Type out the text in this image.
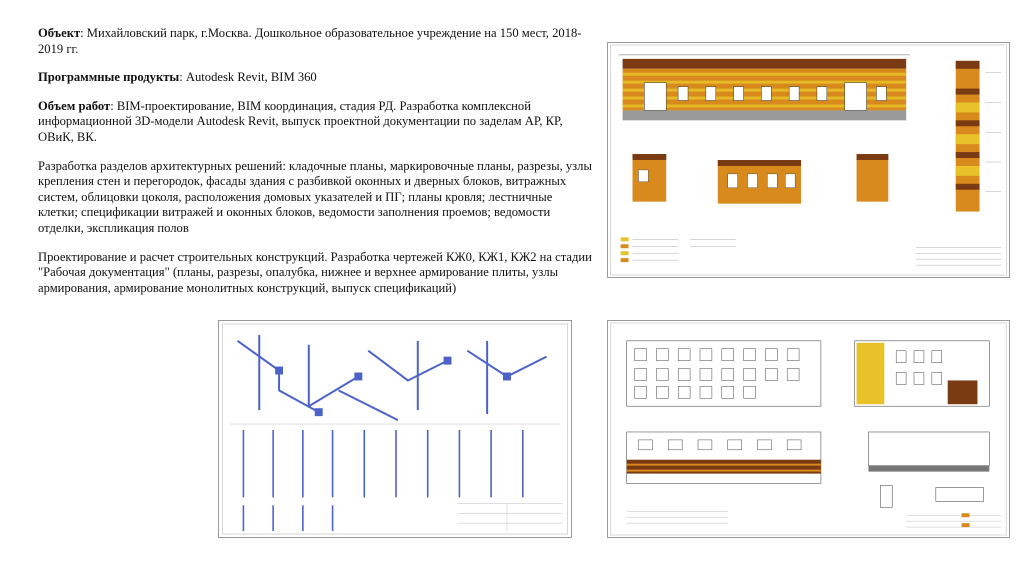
Объект: Михайловский парк, г.Москва. Дошкольное образовательное учреждение на 150 мест, 2018-2019 гг.

Программные продукты: Autodesk Revit, BIM 360

Объем работ: BIM-проектирование, BIM координация, стадия РД. Разработка комплексной информационной 3D-модели Autodesk Revit, выпуск проектной документации по заделам АР, КР, ОВиК, ВК.

Разработка разделов архитектурных решений: кладочные планы, маркировочные планы, разрезы, узлы крепления стен и перегородок, фасады здания с разбивкой оконных и дверных блоков, витражных систем, облицовки цоколя, расположения домовых указателей и ПГ; планы кровля; лестничные клетки; спецификации витражей и оконных блоков, ведомости заполнения проемов; ведомости отделки, экспликация полов

Проектирование и расчет строительных конструкций. Разработка чертежей КЖ0, КЖ1, КЖ2 на стадии "Рабочая документация" (планы, разрезы, опалубка, нижнее и верхнее армирование плиты, узлы армирования, армирование монолитных конструкций, выпуск спецификаций)
